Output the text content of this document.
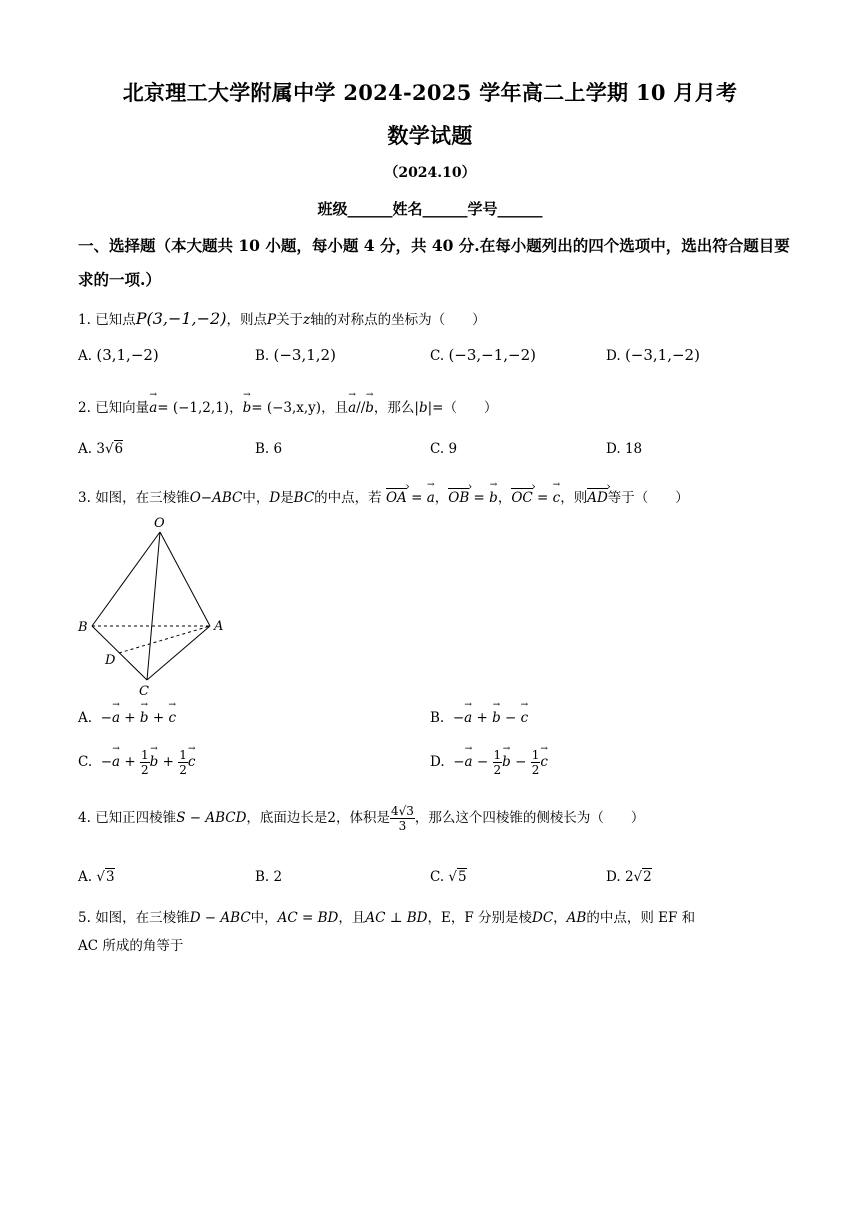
北京理工大学附属中学 2024-2025 学年高二上学期 10 月月考
数学试题
（2024.10）
班级______姓名______学号______
一、选择题（本大题共 10 小题，每小题 4 分，共 40 分.在每小题列出的四个选项中，选出符合题目要求的一项.）
1. 已知点P(3,−1,−2)，则点P关于z轴的对称点的坐标为（　　）
A. (3,1,−2)	B. (−3,1,2)	C. (−3,−1,−2)	D. (−3,1,−2)
2. 已知向量a →= (−1,2,1)，b →= (−3,x,y)，且a →//b →，那么|b|=（　　）
A. 3√6	B. 6	C. 9	D. 18
3. 如图，在三棱锥O−ABC中，D是BC的中点，若 OA › = a →，OB › = b →，OC › = c →，则AD ›等于（　　）
O
B	A
D
C
A. −a → + b → + c →	B. −a → + b → − c →
C. −a → + $\frac{1}{2}$ b → + $\frac{1}{2}$ c →	D. −a → − $\frac{1}{2}$ b → − $\frac{1}{2}$ c →
4. 已知正四棱锥S − ABCD，底面边长是2，体积是 $\frac{4√3}{3}$ ，那么这个四棱锥的侧棱长为（　　）
A. √3	B. 2	C. √5	D. 2√2
5. 如图，在三棱锥D − ABC中，AC = BD，且AC ⊥ BD，E，F 分别是棱DC，AB的中点，则 EF 和
AC 所成的角等于
